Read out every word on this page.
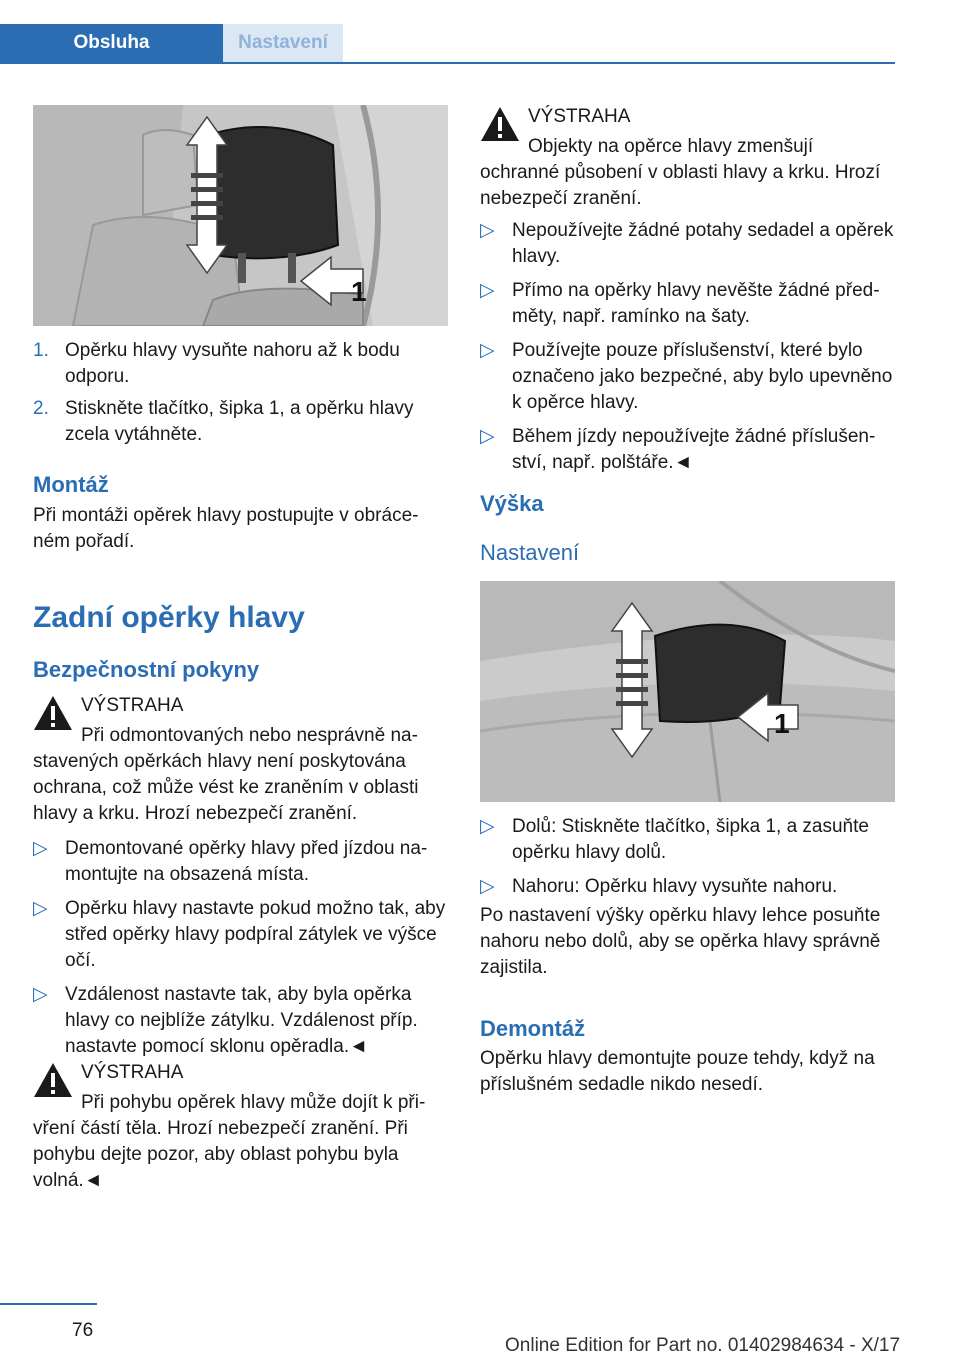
Obsluha	Nastavení
1
1. Opěrku hlavy vysuňte nahoru až k bodu odporu.
2. Stiskněte tlačítko, šipka 1, a opěrku hlavy zcela vytáhněte.
Montáž
Při montáži opěrek hlavy postupujte v obráceném pořadí.
Zadní opěrky hlavy
Bezpečnostní pokyny
VÝSTRAHA
Při odmontovaných nebo nesprávně nastavených opěrkách hlavy není poskytována ochrana, což může vést ke zraněním v oblasti hlavy a krku. Hrozí nebezpečí zranění.
▷ Demontované opěrky hlavy před jízdou namontujte na obsazená místa.
▷ Opěrku hlavy nastavte pokud možno tak, aby střed opěrky hlavy podpíral zátylek ve výšce očí.
▷ Vzdálenost nastavte tak, aby byla opěrka hlavy co nejblíže zátylku. Vzdálenost příp. nastavte pomocí sklonu opěradla.◄
VÝSTRAHA
Při pohybu opěrek hlavy může dojít k přivření částí těla. Hrozí nebezpečí zranění. Při pohybu dejte pozor, aby oblast pohybu byla volná.◄
VÝSTRAHA
Objekty na opěrce hlavy zmenšují ochranné působení v oblasti hlavy a krku. Hrozí nebezpečí zranění.
▷ Nepoužívejte žádné potahy sedadel a opěrek hlavy.
▷ Přímo na opěrky hlavy nevěšte žádné předměty, např. ramínko na šaty.
▷ Používejte pouze příslušenství, které bylo označeno jako bezpečné, aby bylo upevněno k opěrce hlavy.
▷ Během jízdy nepoužívejte žádné příslušenství, např. polštáře.◄
Výška
Nastavení
1
▷ Dolů: Stiskněte tlačítko, šipka 1, a zasuňte opěrku hlavy dolů.
▷ Nahoru: Opěrku hlavy vysuňte nahoru.
Po nastavení výšky opěrku hlavy lehce posuňte nahoru nebo dolů, aby se opěrka hlavy správně zajistila.
Demontáž
Opěrku hlavy demontujte pouze tehdy, když na příslušném sedadle nikdo nesedí.
76
Online Edition for Part no. 01402984634 - X/17
